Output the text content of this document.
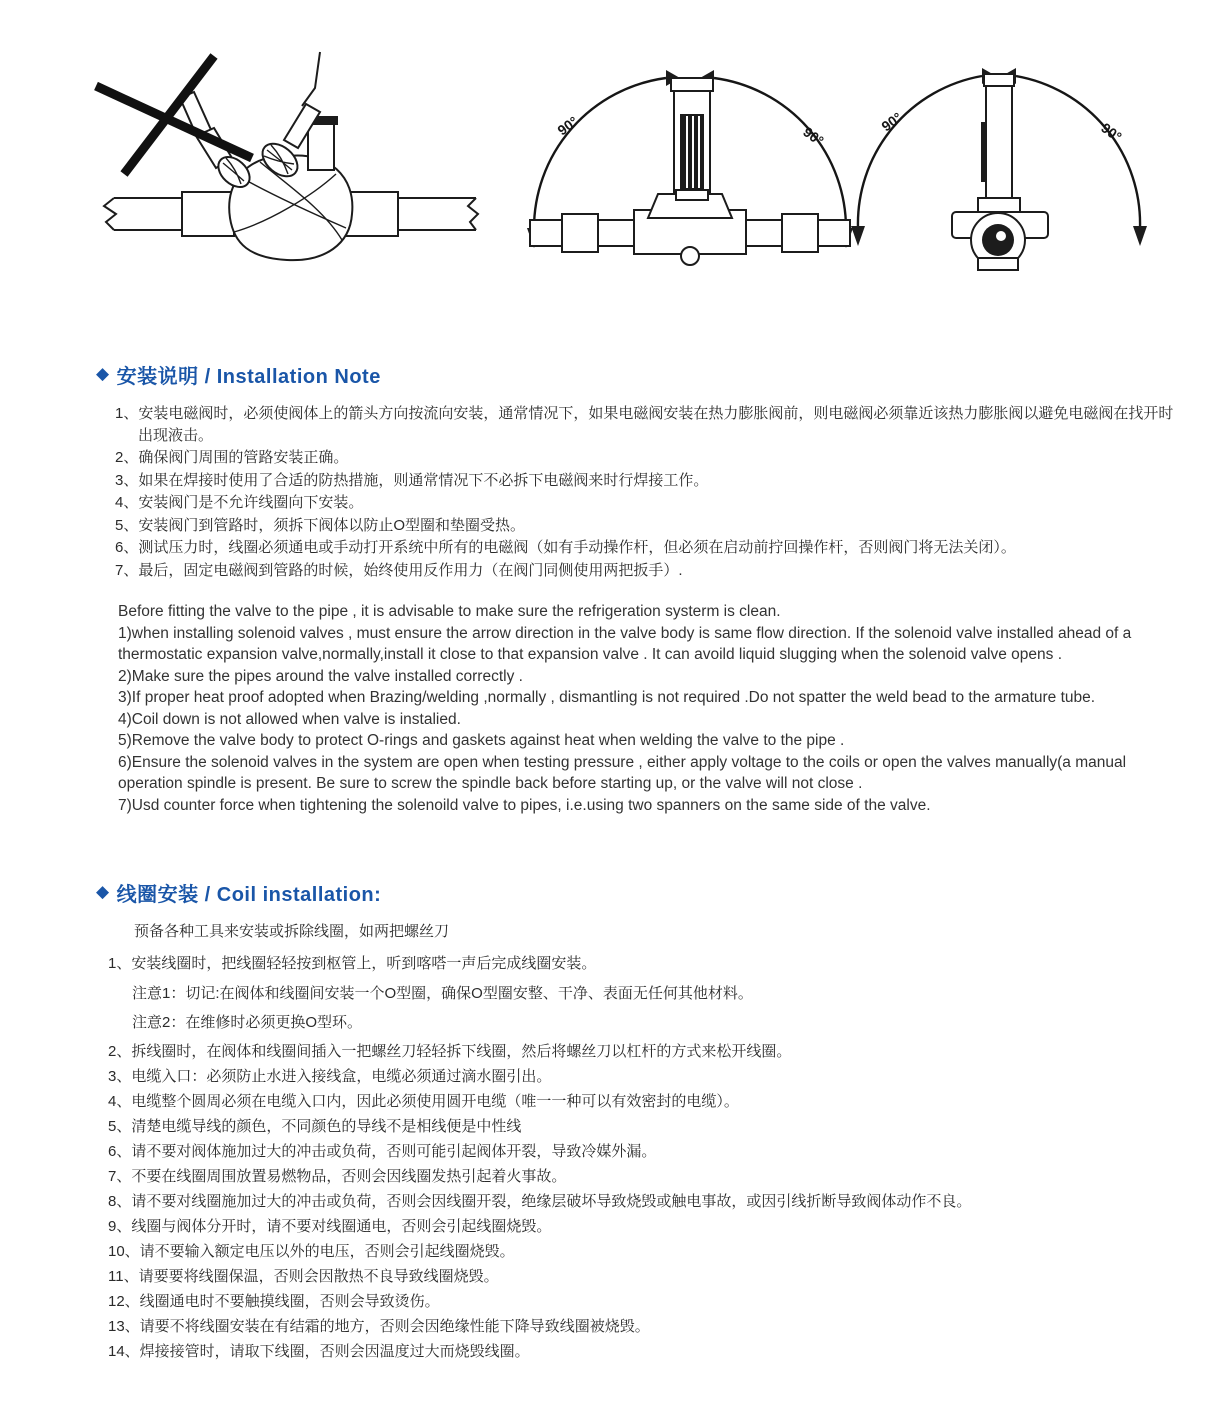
90°	90°
90°	90°
◆ 安装说明 / Installation Note
1、安装电磁阀时，必须使阀体上的箭头方向按流向安装，通常情况下，如果电磁阀安装在热力膨胀阀前，则电磁阀必须靠近该热力膨胀阀以避免电磁阀在找开时出现液击。
2、确保阀门周围的管路安装正确。
3、如果在焊接时使用了合适的防热措施，则通常情况下不必拆下电磁阀来时行焊接工作。
4、安装阀门是不允许线圈向下安装。
5、安装阀门到管路时，须拆下阀体以防止O型圈和垫圈受热。
6、测试压力时，线圈必须通电或手动打开系统中所有的电磁阀（如有手动操作杆，但必须在启动前拧回操作杆，否则阀门将无法关闭）。
7、最后，固定电磁阀到管路的时候，始终使用反作用力（在阀门同侧使用两把扳手）.

Before fitting the valve to the pipe , it is advisable to make sure the refrigeration systerm is clean.

1)when installing solenoid valves , must ensure the arrow direction in the valve body is same flow direction. If the solenoid valve installed ahead of a thermostatic expansion valve,normally,install it close to that expansion valve . It can avoild liquid slugging when the solenoid valve opens .

2)Make sure the pipes around the valve installed correctly .

3)If proper heat proof adopted when Brazing/welding ,normally , dismantling is not required .Do not spatter the weld bead to the armature tube.

4)Coil down is not allowed when valve is instalied.

5)Remove the valve body to protect O-rings and gaskets against heat when welding the valve to the pipe .

6)Ensure the solenoid valves in the system are open when testing pressure , either apply voltage to the coils or open the valves manually(a manual operation spindle is present. Be sure to screw the spindle back before starting up, or the valve will not close .

7)Usd counter force when tightening the solenoild valve to pipes, i.e.using two spanners on the same side of the valve.

◆ 线圈安装 / Coil installation:

预备各种工具来安装或拆除线圈，如两把螺丝刀

1、安装线圈时，把线圈轻轻按到枢管上，听到喀嗒一声后完成线圈安装。
注意1：切记:在阀体和线圈间安装一个O型圈，确保O型圈安整、干净、表面无任何其他材料。
注意2：在维修时必须更换O型环。
2、拆线圈时，在阀体和线圈间插入一把螺丝刀轻轻拆下线圈，然后将螺丝刀以杠杆的方式来松开线圈。
3、电缆入口：必须防止水进入接线盒，电缆必须通过滴水圈引出。
4、电缆整个圆周必须在电缆入口内，因此必须使用圆开电缆（唯一一种可以有效密封的电缆）。
5、清楚电缆导线的颜色，不同颜色的导线不是相线便是中性线
6、请不要对阀体施加过大的冲击或负荷，否则可能引起阀体开裂，导致冷媒外漏。
7、不要在线圈周围放置易燃物品，否则会因线圈发热引起着火事故。
8、请不要对线圈施加过大的冲击或负荷，否则会因线圈开裂，绝缘层破坏导致烧毁或触电事故，或因引线折断导致阀体动作不良。
9、线圈与阀体分开时，请不要对线圈通电，否则会引起线圈烧毁。
10、请不要输入额定电压以外的电压，否则会引起线圈烧毁。
11、请要要将线圈保温，否则会因散热不良导致线圈烧毁。
12、线圈通电时不要触摸线圈，否则会导致烫伤。
13、请要不将线圈安装在有结霜的地方，否则会因绝缘性能下降导致线圈被烧毁。
14、焊接接管时，请取下线圈，否则会因温度过大而烧毁线圈。
